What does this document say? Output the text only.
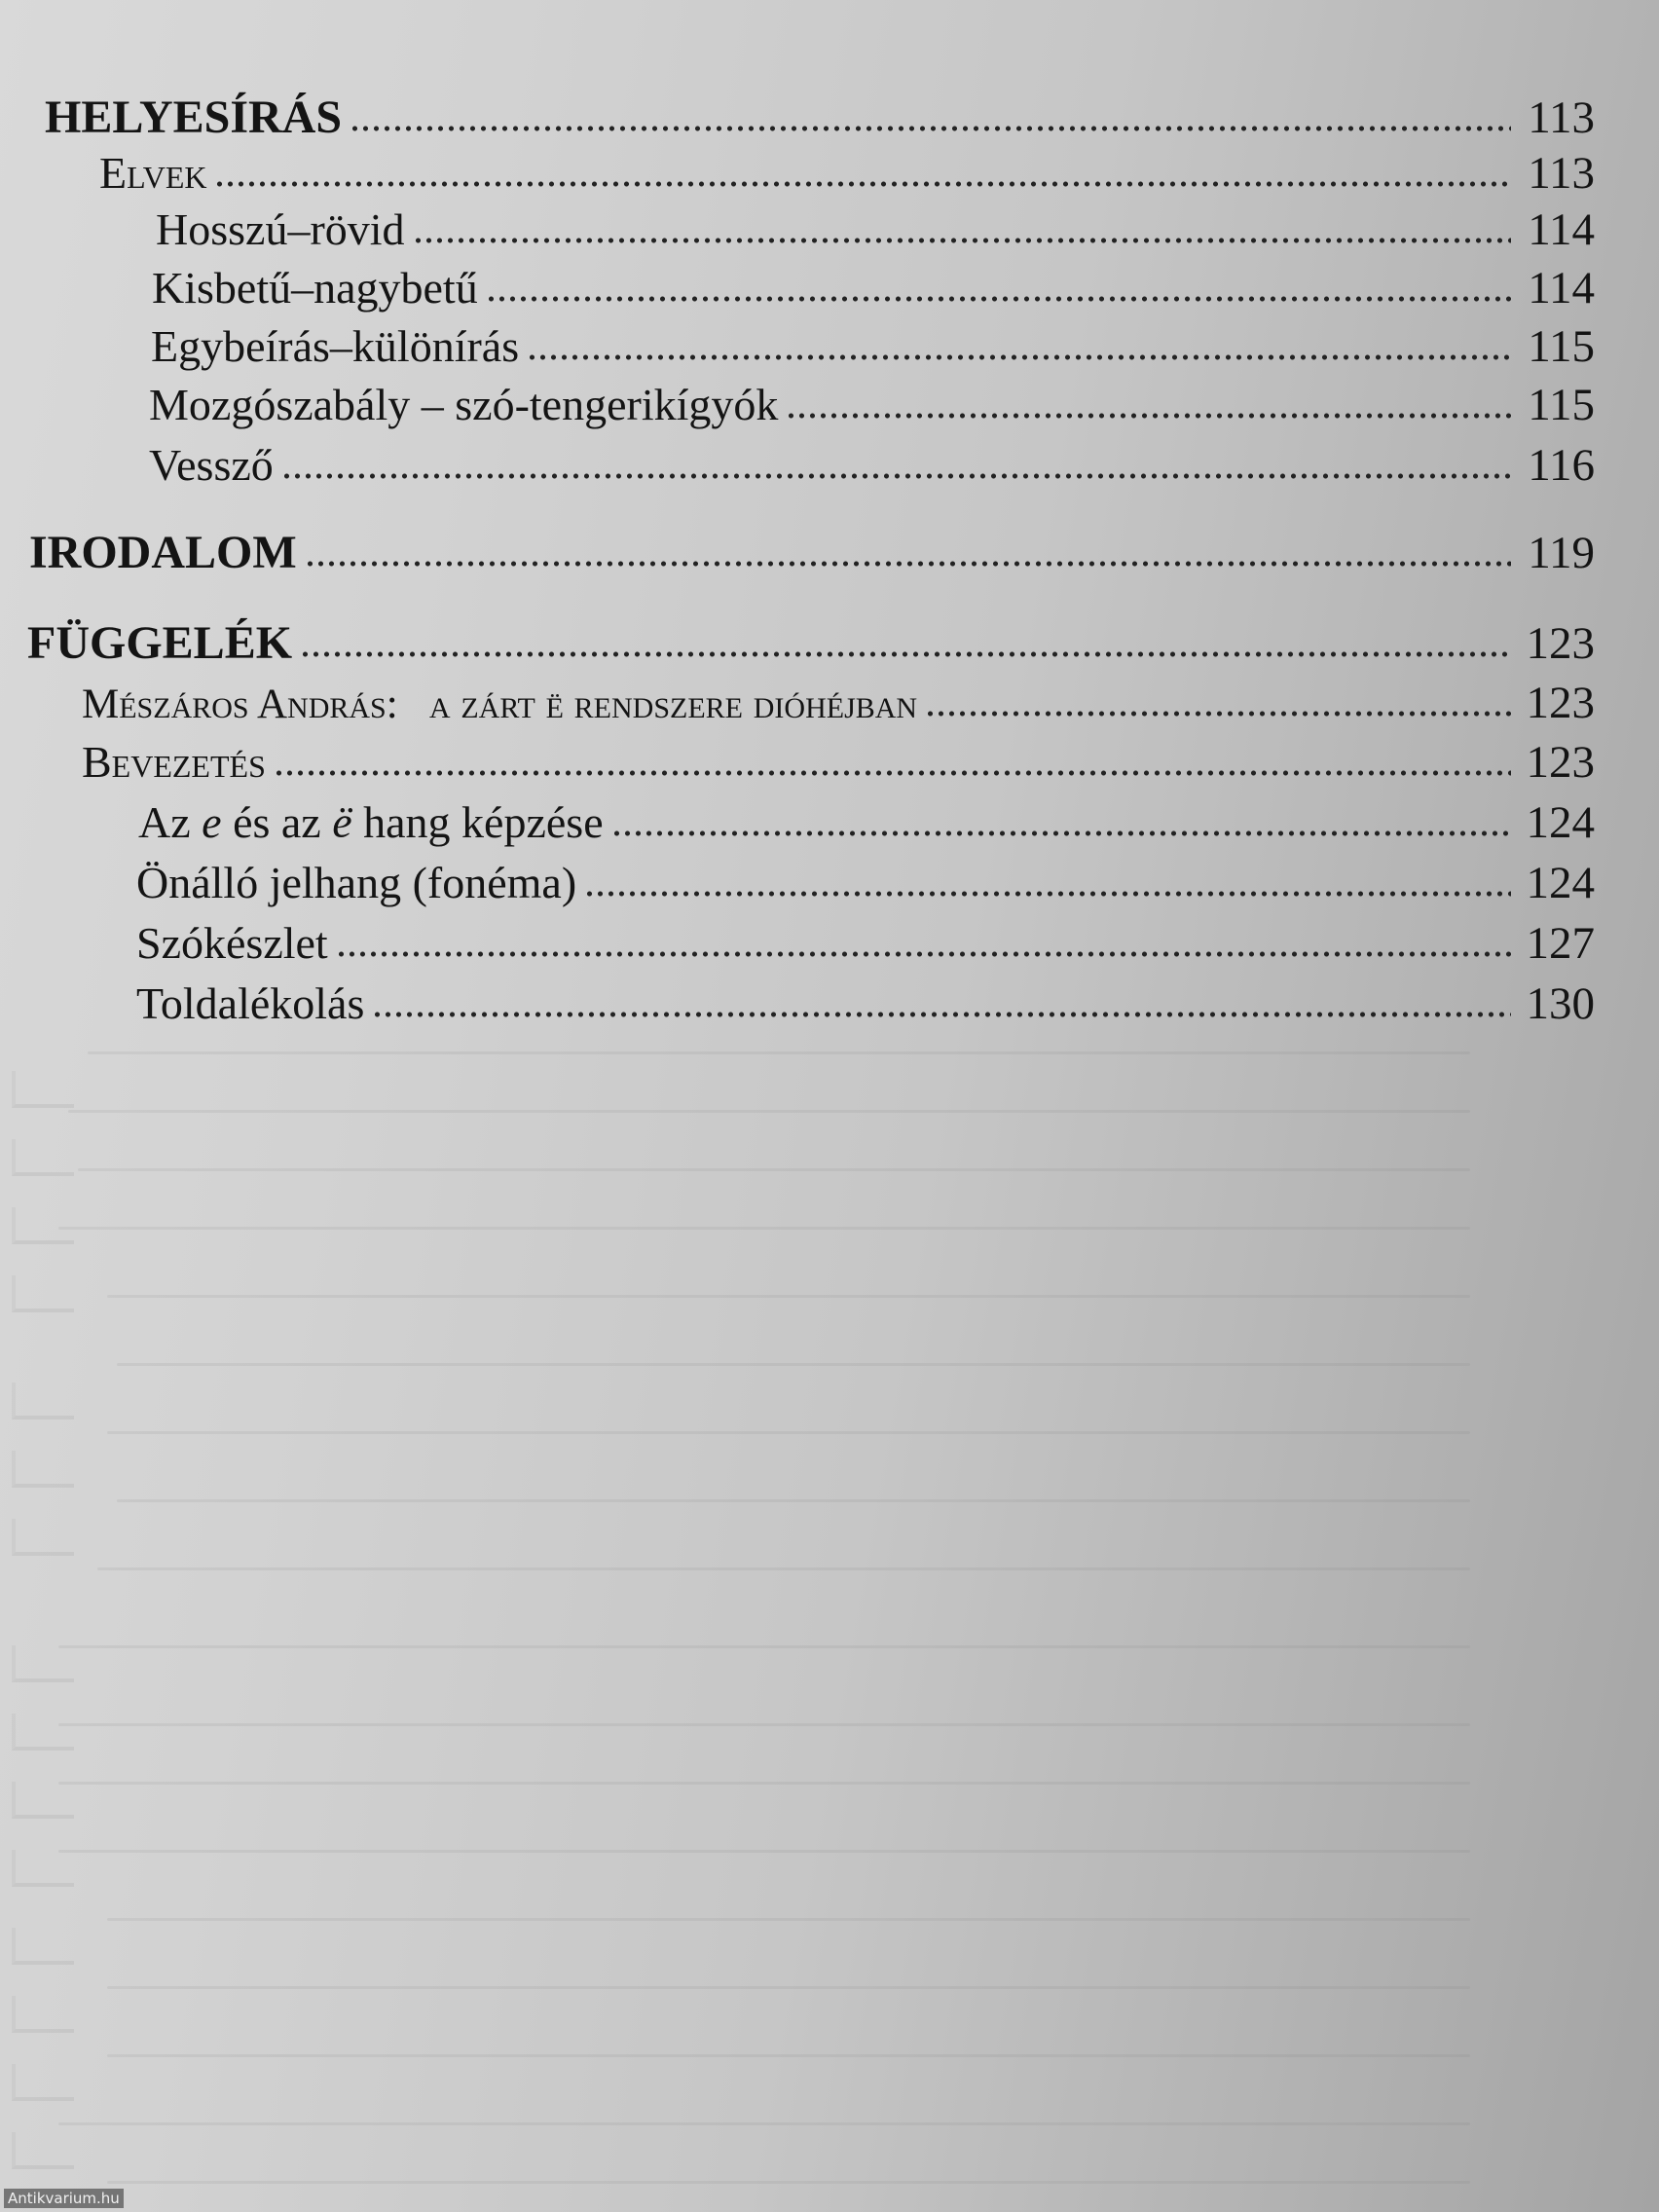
HELYESÍRÁS	113
Elvek	113
Hosszú–rövid	114
Kisbetű–nagybetű	114
Egybeírás–különírás	115
Mozgószabály – szó-tengerikígyók	115
Vessző	116
IRODALOM	119
FÜGGELÉK	123
Mészáros András:   a zárt ë rendszere dióhéjban	123
Bevezetés	123
Az e és az ë hang képzése	124
Önálló jelhang (fonéma)	124
Szókészlet	127
Toldalékolás	130
Antikvarium.hu
